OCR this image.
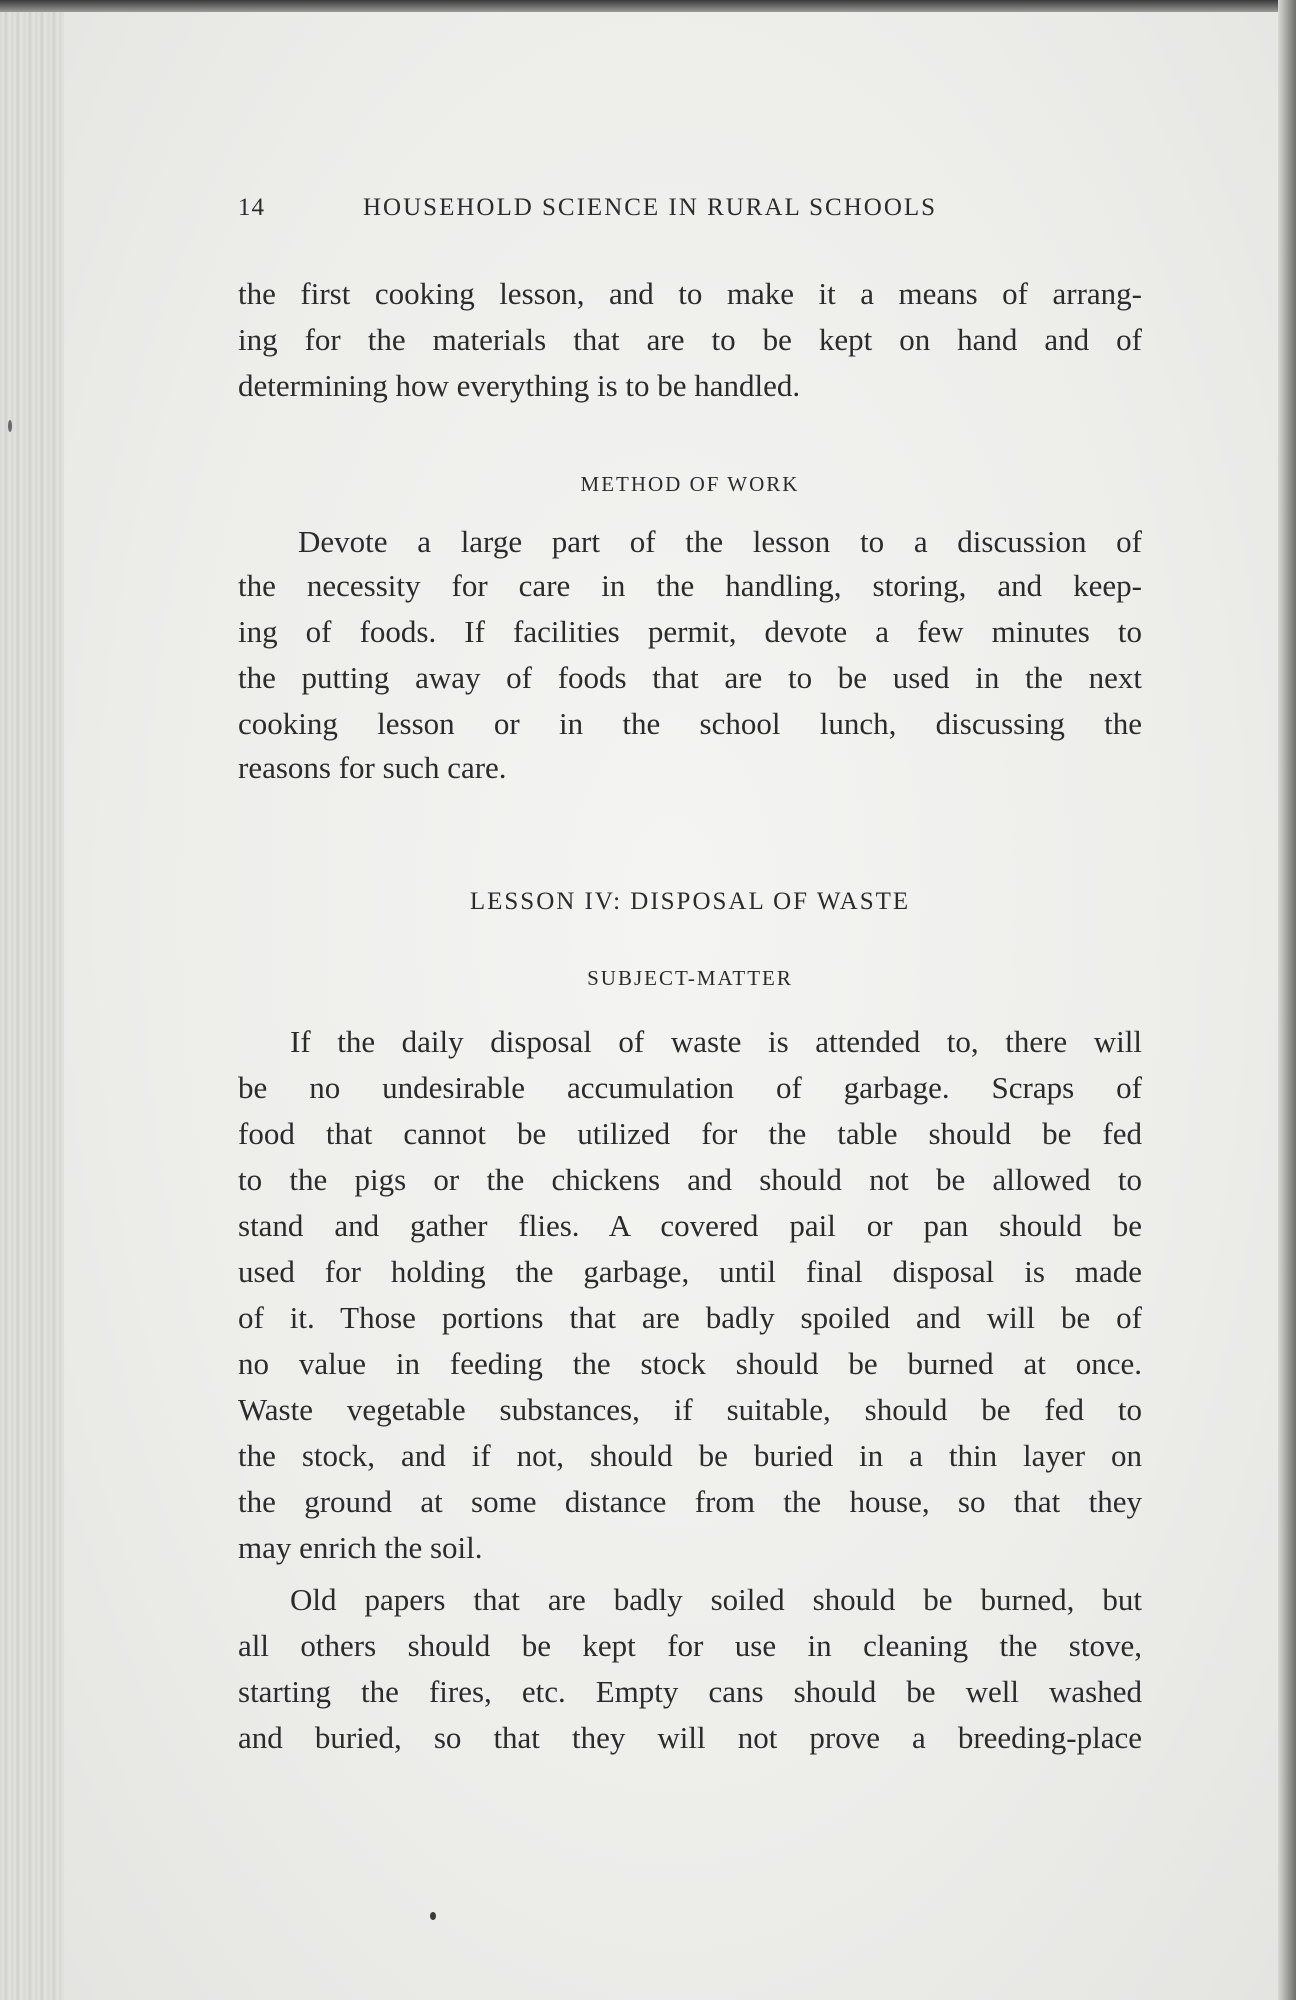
14	HOUSEHOLD SCIENCE IN RURAL SCHOOLS

the first cooking lesson, and to make it a means of arrang-

ing for the materials that are to be kept on hand and of

determining how everything is to be handled.

METHOD OF WORK

Devote a large part of the lesson to a discussion of

the necessity for care in the handling, storing, and keep-

ing of foods. If facilities permit, devote a few minutes to

the putting away of foods that are to be used in the next

cooking lesson or in the school lunch, discussing the

reasons for such care.

LESSON IV: DISPOSAL OF WASTE
SUBJECT-MATTER

If the daily disposal of waste is attended to, there will

be no undesirable accumulation of garbage. Scraps of

food that cannot be utilized for the table should be fed

to the pigs or the chickens and should not be allowed to

stand and gather flies. A covered pail or pan should be

used for holding the garbage, until final disposal is made

of it. Those portions that are badly spoiled and will be of

no value in feeding the stock should be burned at once.

Waste vegetable substances, if suitable, should be fed to

the stock, and if not, should be buried in a thin layer on

the ground at some distance from the house, so that they

may enrich the soil.

Old papers that are badly soiled should be burned, but

all others should be kept for use in cleaning the stove,

starting the fires, etc. Empty cans should be well washed

and buried, so that they will not prove a breeding-place
